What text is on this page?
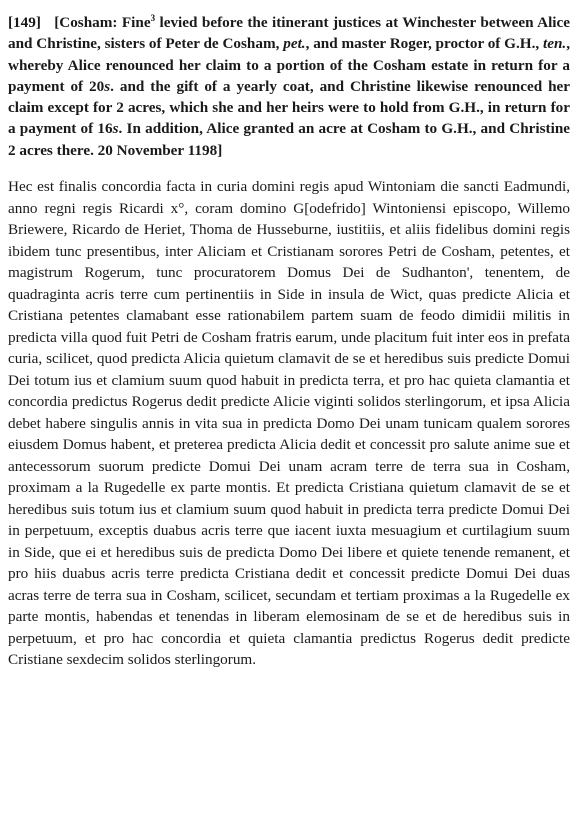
[149] [Cosham: Fine$^3$ levied before the itinerant justices at Winchester between Alice and Christine, sisters of Peter de Cosham, pet., and master Roger, proctor of G.H., ten., whereby Alice renounced her claim to a portion of the Cosham estate in return for a payment of 20s. and the gift of a yearly coat, and Christine likewise renounced her claim except for 2 acres, which she and her heirs were to hold from G.H., in return for a payment of 16s. In addition, Alice granted an acre at Cosham to G.H., and Christine 2 acres there. 20 November 1198]

Hec est finalis concordia facta in curia domini regis apud Wintoniam die sancti Eadmundi, anno regni regis Ricardi x°, coram domino G[odefrido] Wintoniensi episcopo, Willemo Briewere, Ricardo de Heriet, Thoma de Husseburne, iustitiis, et aliis fidelibus domini regis ibidem tunc presentibus, inter Aliciam et Cristianam sorores Petri de Cosham, petentes, et magistrum Rogerum, tunc procuratorem Domus Dei de Sudhanton', tenentem, de quadraginta acris terre cum pertinentiis in Side in insula de Wict, quas predicte Alicia et Cristiana petentes clamabant esse rationabilem partem suam de feodo dimidii militis in predicta villa quod fuit Petri de Cosham fratris earum, unde placitum fuit inter eos in prefata curia, scilicet, quod predicta Alicia quietum clamavit de se et heredibus suis predicte Domui Dei totum ius et clamium suum quod habuit in predicta terra, et pro hac quieta clamantia et concordia predictus Rogerus dedit predicte Alicie viginti solidos sterlingorum, et ipsa Alicia debet habere singulis annis in vita sua in predicta Domo Dei unam tunicam qualem sorores eiusdem Domus habent, et preterea predicta Alicia dedit et concessit pro salute anime sue et antecessorum suorum predicte Domui Dei unam acram terre de terra sua in Cosham, proximam a la Rugedelle ex parte montis. Et predicta Cristiana quietum clamavit de se et heredibus suis totum ius et clamium suum quod habuit in predicta terra predicte Domui Dei in perpetuum, exceptis duabus acris terre que iacent iuxta mesuagium et curtilagium suum in Side, que ei et heredibus suis de predicta Domo Dei libere et quiete tenende remanent, et pro hiis duabus acris terre predicta Cristiana dedit et concessit predicte Domui Dei duas acras terre de terra sua in Cosham, scilicet, secundam et tertiam proximas a la Rugedelle ex parte montis, habendas et tenendas in liberam elemosinam de se et de heredibus suis in perpetuum, et pro hac concordia et quieta clamantia predictus Rogerus dedit predicte Cristiane sexdecim solidos sterlingorum.
